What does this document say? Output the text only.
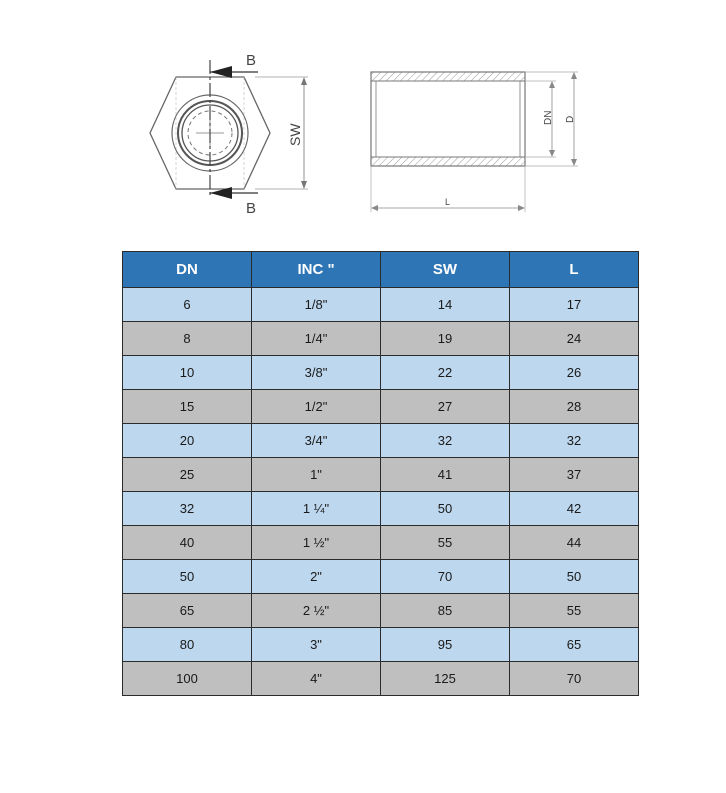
B
B
SW
DN D
L
DN	INC "	SW	L
6	1/8"	14	17
8	1/4"	19	24
10	3/8"	22	26
15	1/2"	27	28
20	3/4"	32	32
25	1"	41	37
32	1 ¼"	50	42
40	1 ½"	55	44
50	2"	70	50
65	2 ½"	85	55
80	3"	95	65
100	4"	125	70
